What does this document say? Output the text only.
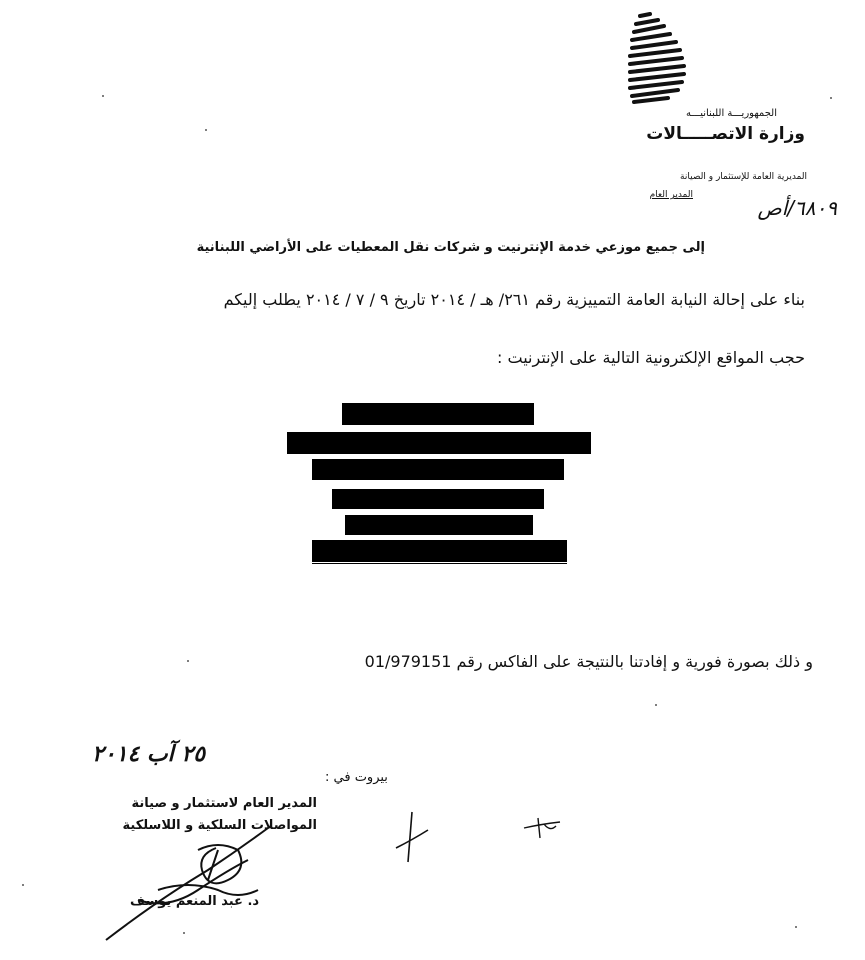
الجمهوريـــة اللبنانيـــه
وزارة الاتصـــــالات
المديرية العامة للإستثمار و الصيانة
المدير العام
٦٨٠٩/أص
إلى جميع موزعي خدمة الإنترنيت و شركات نقل المعطيات على الأراضي اللبنانية
بناء على إحالة النيابة العامة التمييزية رقم ٢٦١/ هـ / ٢٠١٤ تاريخ ٩ / ٧ / ٢٠١٤ يطلب إليكم
حجب المواقع الإلكترونية التالية على الإنترنيت :
و ذلك بصورة فورية و إفادتنا بالنتيجة على الفاكس رقم 01/979151
٢٥ آب ٢٠١٤
بيروت في :
المدير العام لاستثمار و صيانة
المواصلات السلكية و اللاسلكية
د. عبد المنعم يوسف
